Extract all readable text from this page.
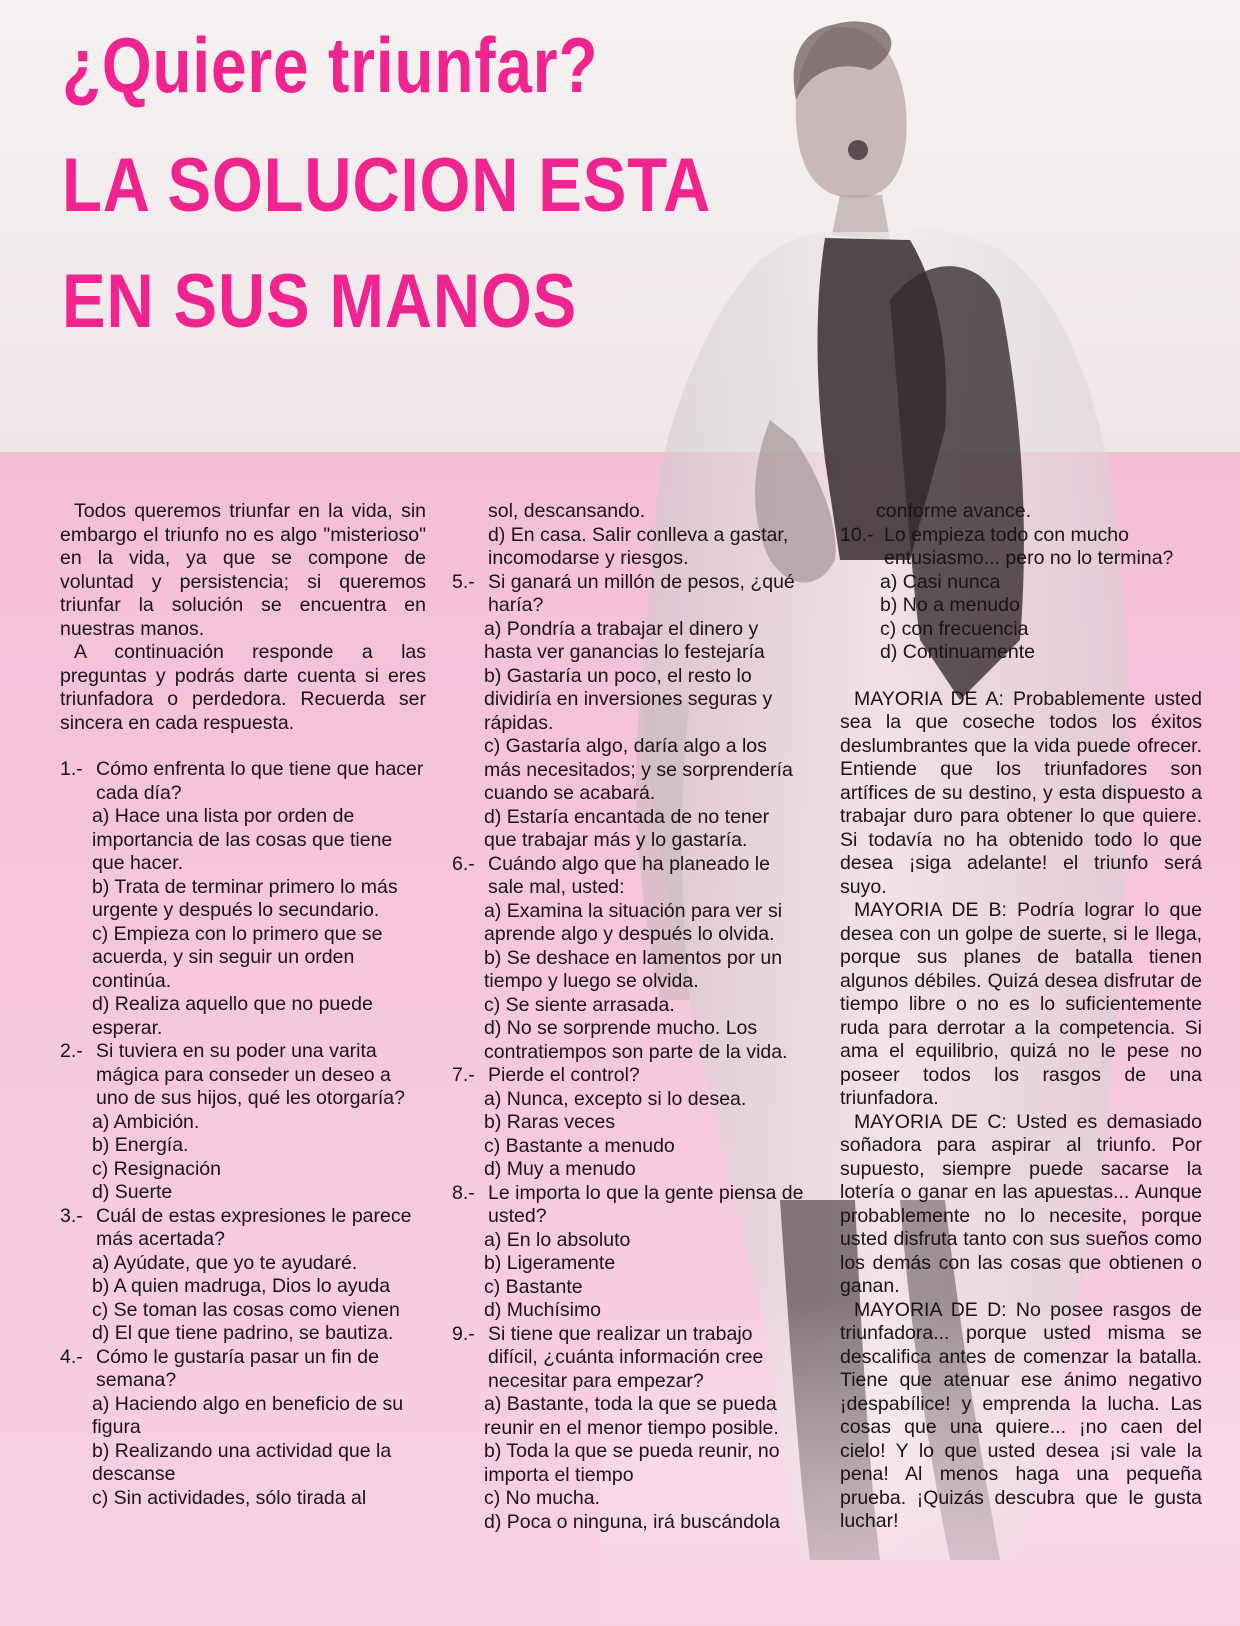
¿Quiere triunfar?
LA SOLUCION ESTA
EN SUS MANOS

Todos queremos triunfar en la vida, sin embargo el triunfo no es algo "misterioso" en la vida, ya que se compone de voluntad y persistencia; si queremos triunfar la solución se encuentra en nuestras manos.

A continuación responde a las preguntas y podrás darte cuenta si eres triunfadora o perdedora. Recuerda ser sincera en cada respuesta.

1.- Cómo enfrenta lo que tiene que hacer cada día?

a) Hace una lista por orden de importancia de las cosas que tiene que hacer.

b) Trata de terminar primero lo más urgente y después lo secundario.

c) Empieza con lo primero que se acuerda, y sin seguir un orden continúa.

d) Realiza aquello que no puede esperar.

2.- Si tuviera en su poder una varita mágica para conseder un deseo a uno de sus hijos, qué les otorgaría?

a) Ambición.

b) Energía.

c) Resignación

d) Suerte

3.- Cuál de estas expresiones le parece más acertada?

a) Ayúdate, que yo te ayudaré.

b) A quien madruga, Dios lo ayuda

c) Se toman las cosas como vienen

d) El que tiene padrino, se bautiza.

4.- Cómo le gustaría pasar un fin de semana?

a) Haciendo algo en beneficio de su figura

b) Realizando una actividad que la descanse

c) Sin actividades, sólo tirada al

sol, descansando.

d) En casa. Salir conlleva a gastar, incomodarse y riesgos.

5.- Si ganará un millón de pesos, ¿qué haría?

a) Pondría a trabajar el dinero y hasta ver ganancias lo festejaría

b) Gastaría un poco, el resto lo dividiría en inversiones seguras y rápidas.

c) Gastaría algo, daría algo a los más necesitados; y se sorprendería cuando se acabará.

d) Estaría encantada de no tener que trabajar más y lo gastaría.

6.- Cuándo algo que ha planeado le sale mal, usted:

a) Examina la situación para ver si aprende algo y después lo olvida.

b) Se deshace en lamentos por un tiempo y luego se olvida.

c) Se siente arrasada.

d) No se sorprende mucho. Los contratiempos son parte de la vida.

7.- Pierde el control?

a) Nunca, excepto si lo desea.

b) Raras veces

c) Bastante a menudo

d) Muy a menudo

8.- Le importa lo que la gente piensa de usted?

a) En lo absoluto

b) Ligeramente

c) Bastante

d) Muchísimo

9.- Si tiene que realizar un trabajo difícil, ¿cuánta información cree necesitar para empezar?

a) Bastante, toda la que se pueda reunir en el menor tiempo posible.

b) Toda la que se pueda reunir, no importa el tiempo

c) No mucha.

d) Poca o ninguna, irá buscándola

conforme avance.

10.- Lo empieza todo con mucho entusiasmo... pero no lo termina?

a) Casi nunca

b) No a menudo

c) con frecuencia

d) Continuamente

MAYORIA DE A: Probablemente usted sea la que coseche todos los éxitos deslumbrantes que la vida puede ofrecer. Entiende que los triunfadores son artífices de su destino, y esta dispuesto a trabajar duro para obtener lo que quiere. Si todavía no ha obtenido todo lo que desea ¡siga adelante! el triunfo será suyo.

MAYORIA DE B: Podría lograr lo que desea con un golpe de suerte, si le llega, porque sus planes de batalla tienen algunos débiles. Quizá desea disfrutar de tiempo libre o no es lo suficientemente ruda para derrotar a la competencia. Si ama el equilibrio, quizá no le pese no poseer todos los rasgos de una triunfadora.

MAYORIA DE C: Usted es demasiado soñadora para aspirar al triunfo. Por supuesto, siempre puede sacarse la lotería o ganar en las apuestas... Aunque probablemente no lo necesite, porque usted disfruta tanto con sus sueños como los demás con las cosas que obtienen o ganan.

MAYORIA DE D: No posee rasgos de triunfadora... porque usted misma se descalifica antes de comenzar la batalla. Tiene que atenuar ese ánimo negativo ¡despabílice! y emprenda la lucha. Las cosas que una quiere... ¡no caen del cielo! Y lo que usted desea ¡si vale la pena! Al menos haga una pequeña prueba. ¡Quizás descubra que le gusta luchar!
